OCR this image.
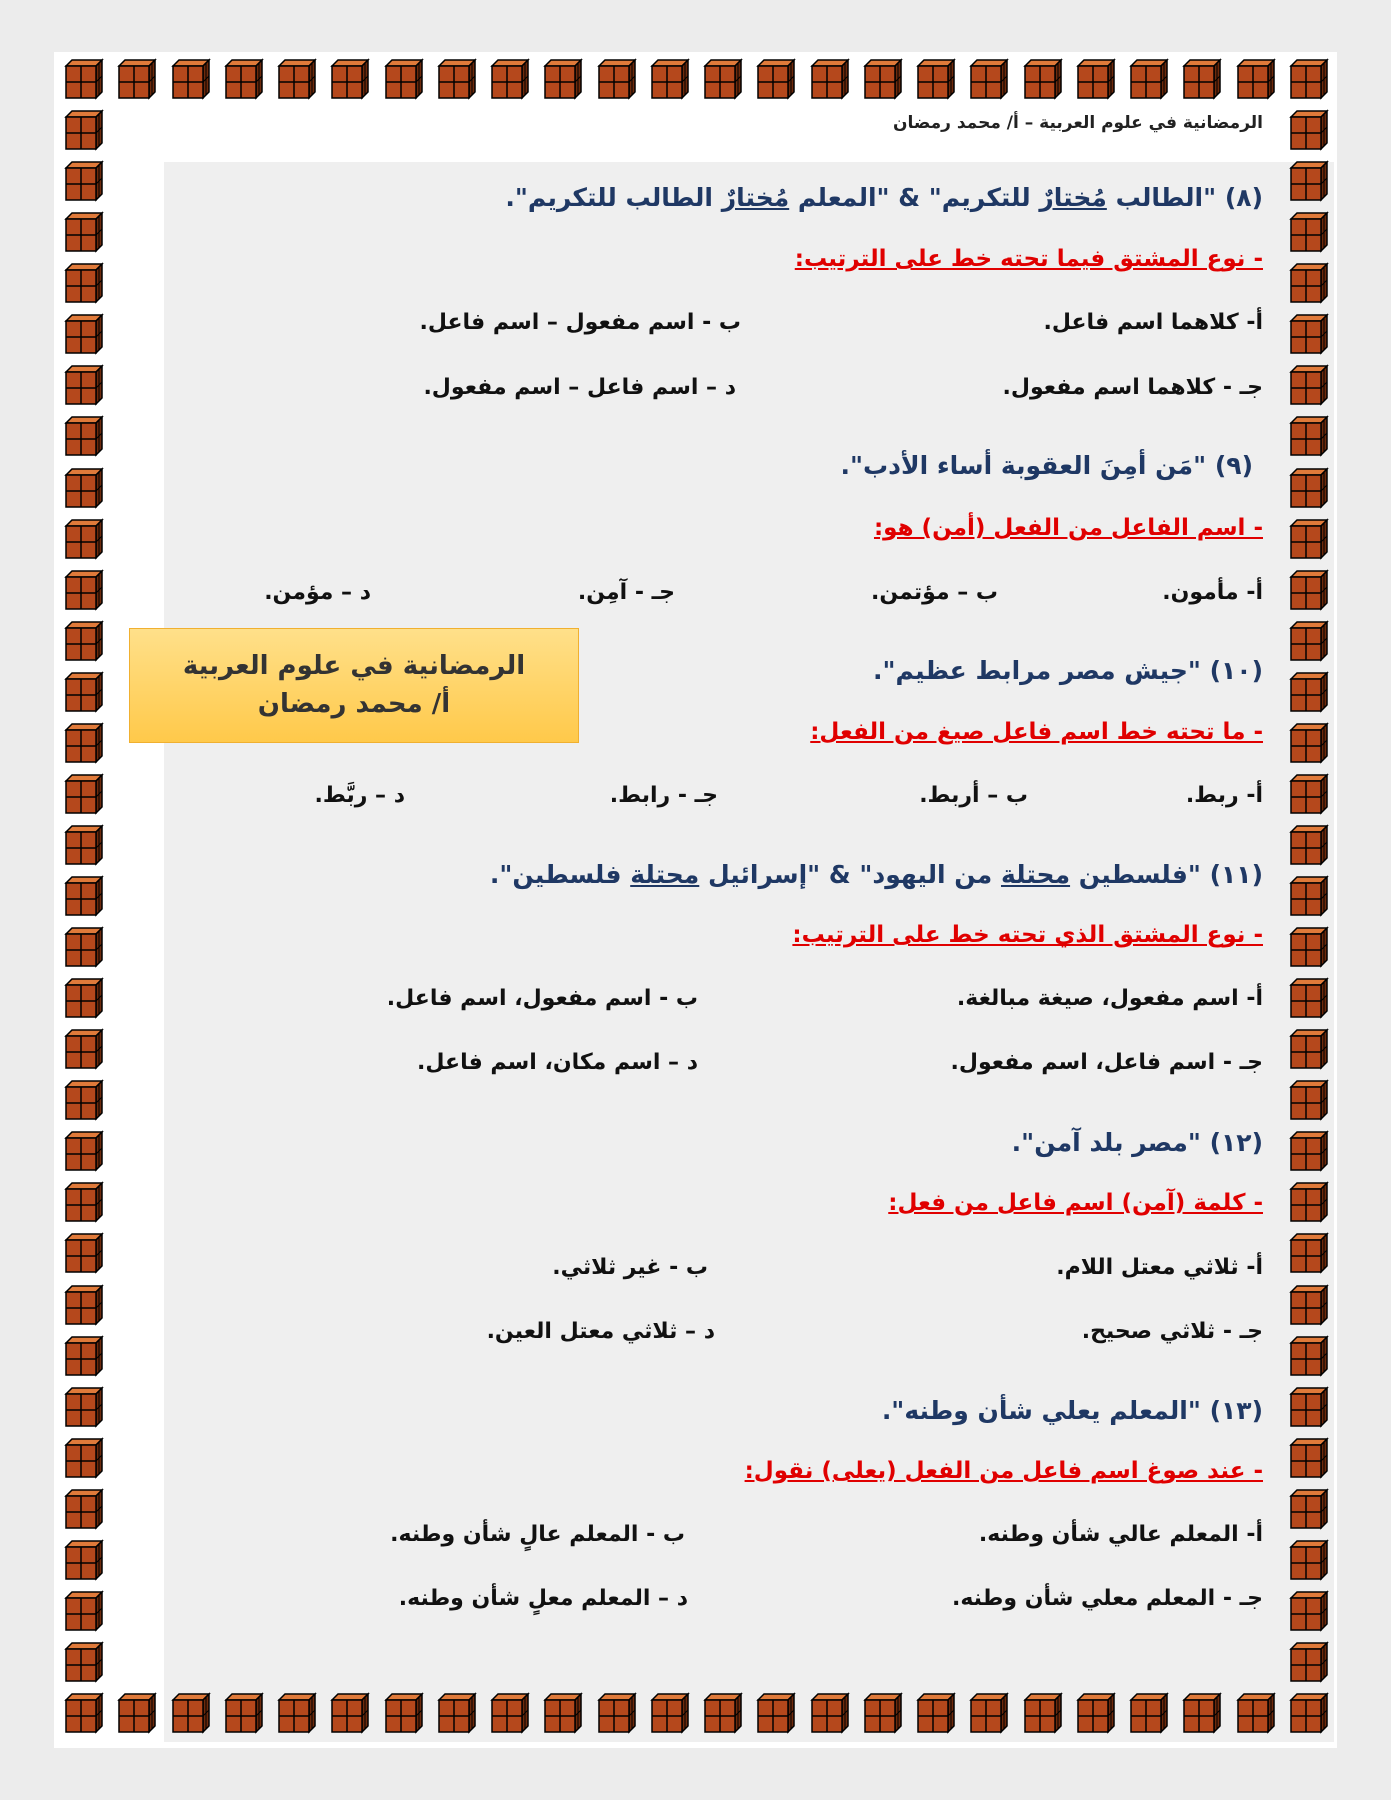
الرمضانية في علوم العربية – أ/ محمد رمضان
(٨) "الطالب مُختارٌ للتكريم" & "المعلم مُختارٌ الطالب للتكريم".
- نوع المشتق فيما تحته خط على الترتيب:
أ- كلاهما اسم فاعل.
ب - اسم مفعول – اسم فاعل.
جـ - كلاهما اسم مفعول.
د – اسم فاعل – اسم مفعول.
(٩) "مَن أمِنَ العقوبة أساء الأدب".
- اسم الفاعل من الفعل (أمن) هو:
أ- مأمون.
ب – مؤتمن.
جـ - آمِن.
د – مؤمن.
الرمضانية في علوم العربية
أ/ محمد رمضان
(١٠) "جيش مصر مرابط عظيم".
- ما تحته خط اسم فاعل صيغ من الفعل:
أ- ربط.
ب – أربط.
جـ - رابط.
د – ربَّط.
(١١) "فلسطين محتلة من اليهود" & "إسرائيل محتلة فلسطين".
- نوع المشتق الذي تحته خط على الترتيب:
أ- اسم مفعول، صيغة مبالغة.
ب - اسم مفعول، اسم فاعل.
جـ - اسم فاعل، اسم مفعول.
د – اسم مكان، اسم فاعل.
(١٢) "مصر بلد آمن".
- كلمة (آمن) اسم فاعل من فعل:
أ- ثلاثي معتل اللام.
ب - غير ثلاثي.
جـ - ثلاثي صحيح.
د – ثلاثي معتل العين.
(١٣) "المعلم يعلي شأن وطنه".
- عند صوغ اسم فاعل من الفعل (يعلى) نقول:
أ- المعلم عالي شأن وطنه.
ب - المعلم عالٍ شأن وطنه.
جـ - المعلم معلي شأن وطنه.
د – المعلم معلٍ شأن وطنه.
